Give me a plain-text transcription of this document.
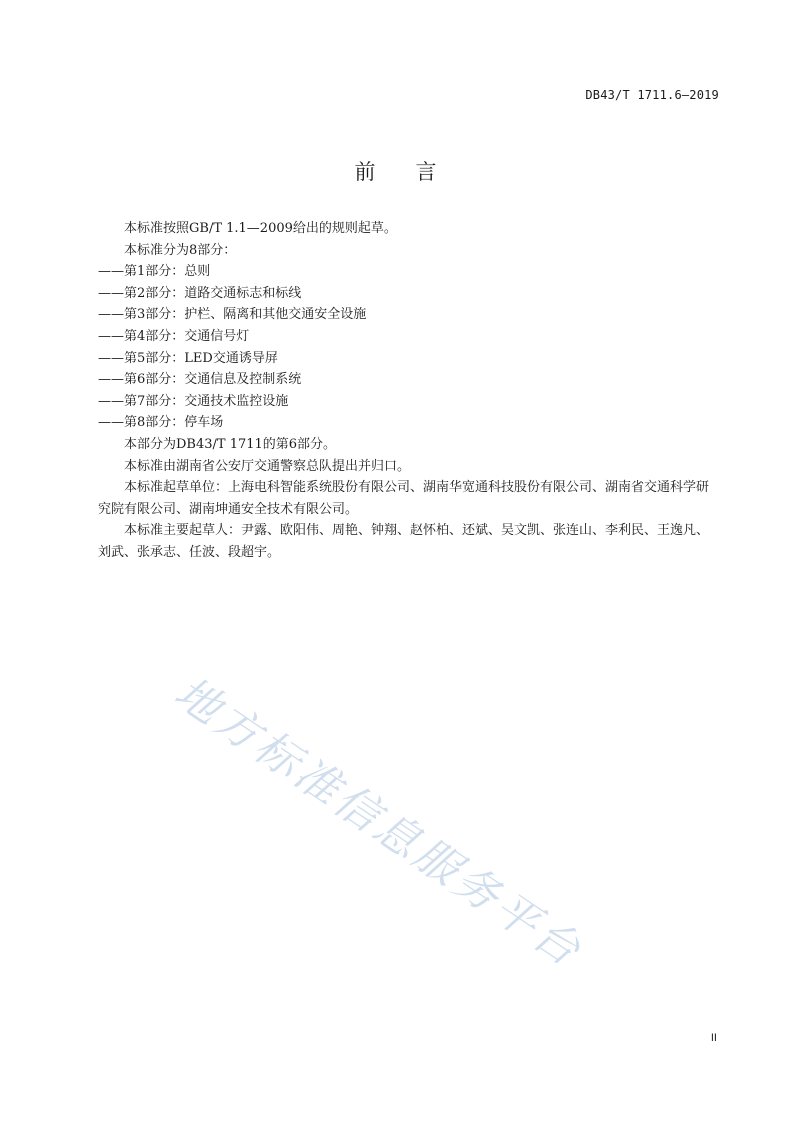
DB43/T 1711.6—2019
前 言

本标准按照GB/T 1.1—2009给出的规则起草。

本标准分为8部分：

——第1部分：总则

——第2部分：道路交通标志和标线

——第3部分：护栏、隔离和其他交通安全设施

——第4部分：交通信号灯

——第5部分：LED交通诱导屏

——第6部分：交通信息及控制系统

——第7部分：交通技术监控设施

——第8部分：停车场

本部分为DB43/T 1711的第6部分。

本标准由湖南省公安厅交通警察总队提出并归口。

本标准起草单位：上海电科智能系统股份有限公司、湖南华宽通科技股份有限公司、湖南省交通科学研究院有限公司、湖南坤通安全技术有限公司。

本标准主要起草人：尹露、欧阳伟、周艳、钟翔、赵怀柏、还斌、吴文凯、张连山、李利民、王逸凡、刘武、张承志、任波、段超宇。

地方标准信息服务平台
II
